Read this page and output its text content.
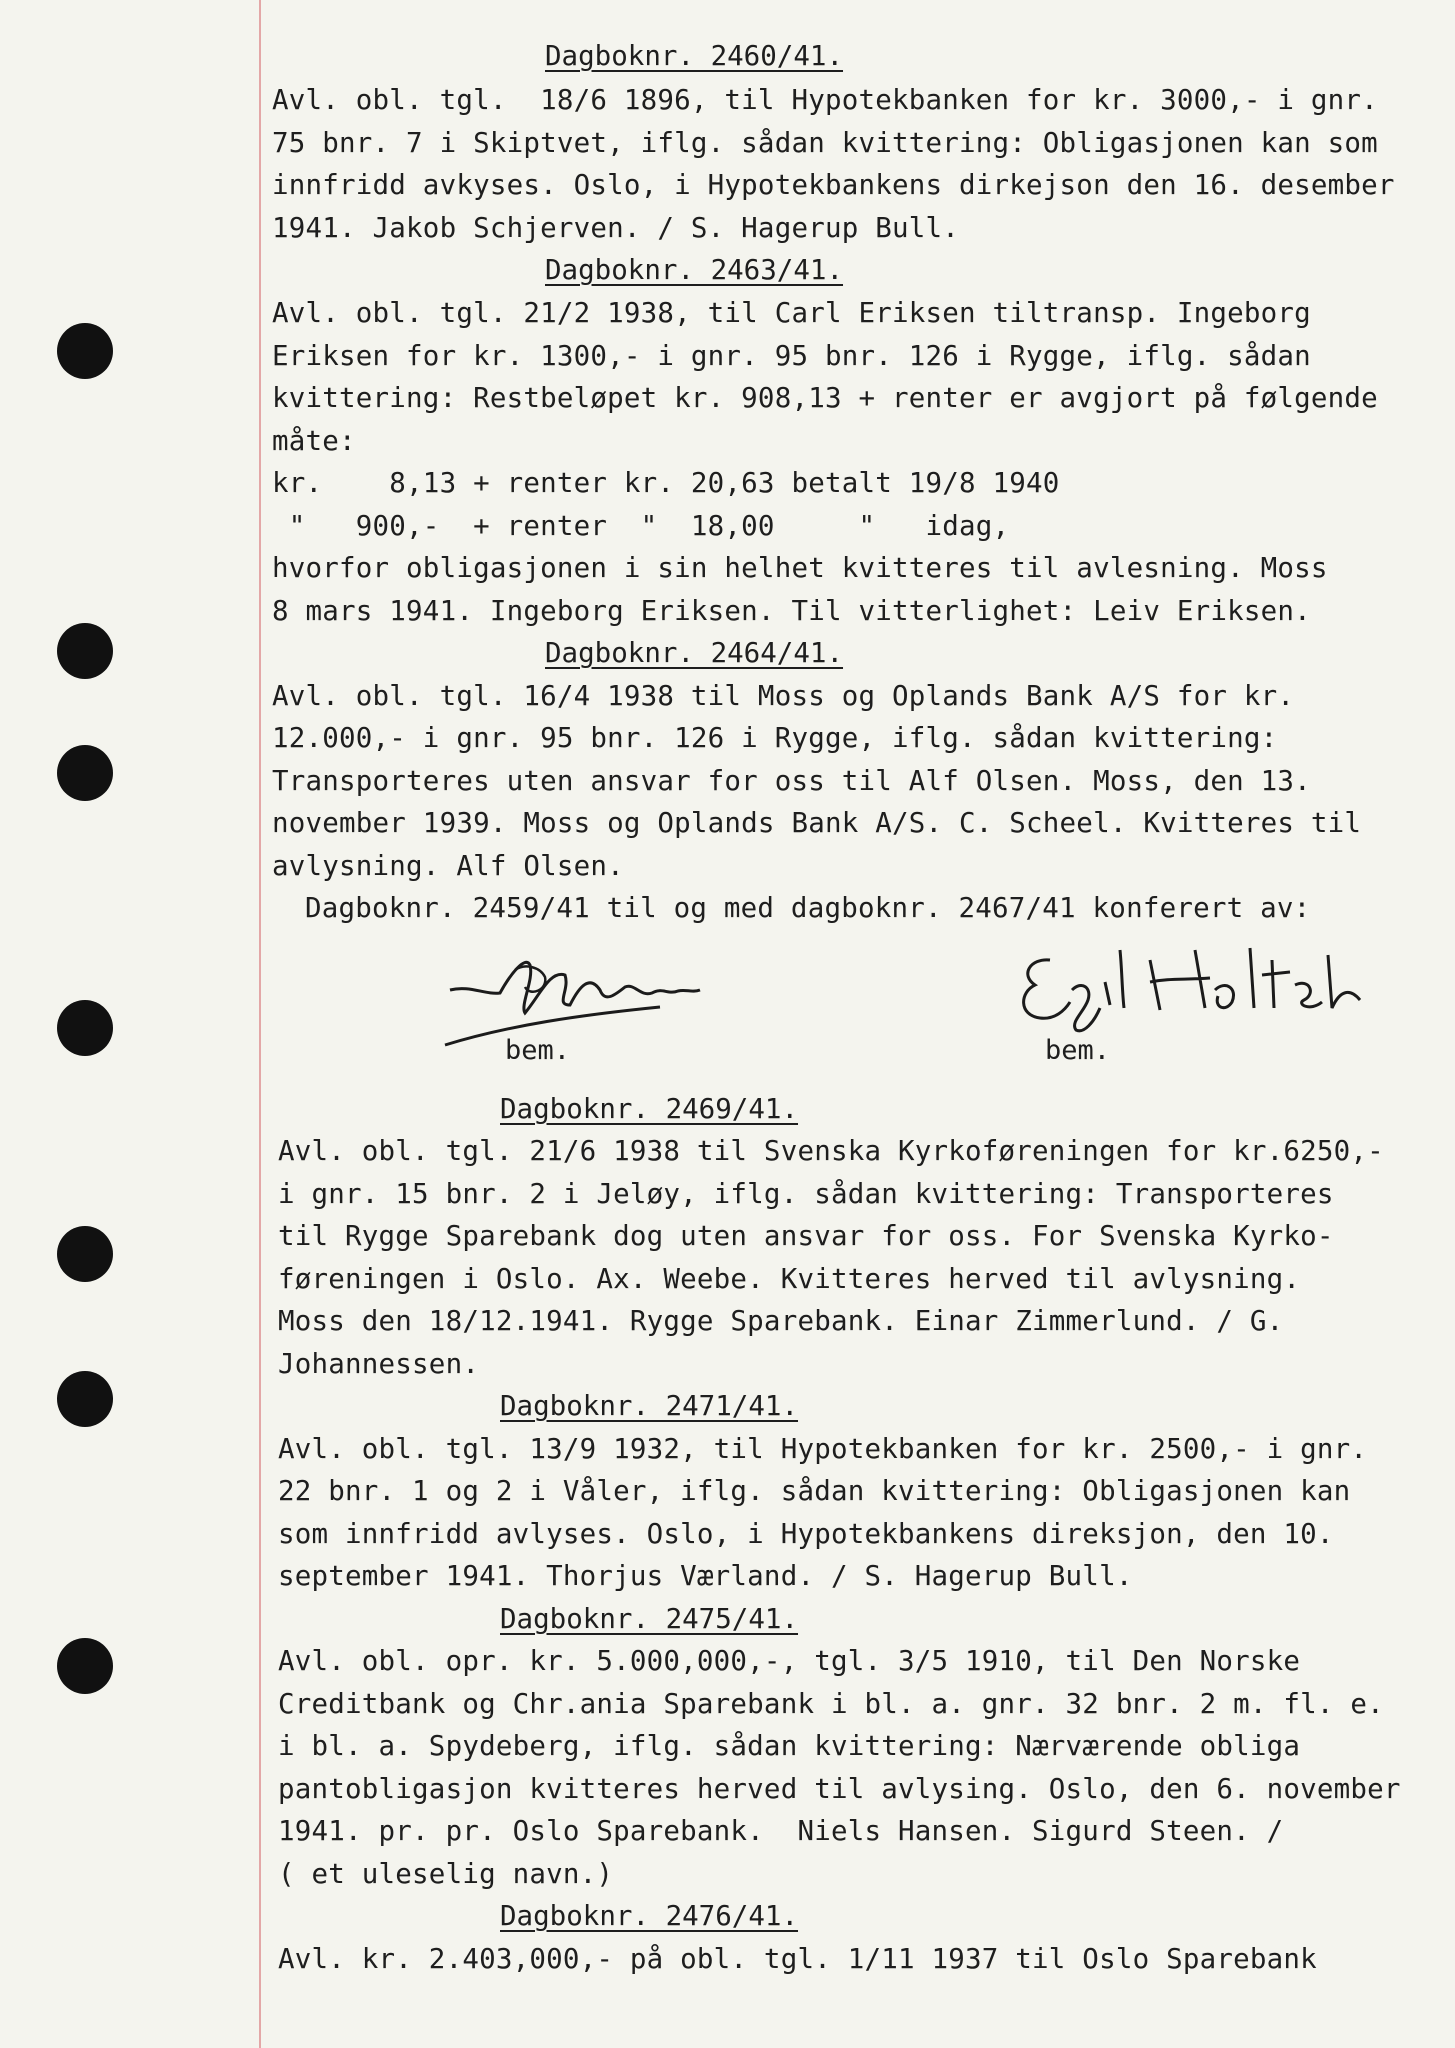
Dagboknr. 2460/41.
Avl. obl. tgl.  18/6 1896, til Hypotekbanken for kr. 3000,- i gnr.
75 bnr. 7 i Skiptvet, iflg. sådan kvittering: Obligasjonen kan som
innfridd avkyses. Oslo, i Hypotekbankens dirkejson den 16. desember
1941. Jakob Schjerven. / S. Hagerup Bull.
Dagboknr. 2463/41.
Avl. obl. tgl. 21/2 1938, til Carl Eriksen tiltransp. Ingeborg
Eriksen for kr. 1300,- i gnr. 95 bnr. 126 i Rygge, iflg. sådan
kvittering: Restbeløpet kr. 908,13 + renter er avgjort på følgende
måte:
kr.    8,13 + renter kr. 20,63 betalt 19/8 1940
"   900,-  + renter  "  18,00     "   idag,
hvorfor obligasjonen i sin helhet kvitteres til avlesning. Moss
8 mars 1941. Ingeborg Eriksen. Til vitterlighet: Leiv Eriksen.
Dagboknr. 2464/41.
Avl. obl. tgl. 16/4 1938 til Moss og Oplands Bank A/S for kr.
12.000,- i gnr. 95 bnr. 126 i Rygge, iflg. sådan kvittering:
Transporteres uten ansvar for oss til Alf Olsen. Moss, den 13.
november 1939. Moss og Oplands Bank A/S. C. Scheel. Kvitteres til
avlysning. Alf Olsen.
Dagboknr. 2459/41 til og med dagboknr. 2467/41 konferert av:
bem.	bem.
Dagboknr. 2469/41.
Avl. obl. tgl. 21/6 1938 til Svenska Kyrkoføreningen for kr.6250,-
i gnr. 15 bnr. 2 i Jeløy, iflg. sådan kvittering: Transporteres
til Rygge Sparebank dog uten ansvar for oss. For Svenska Kyrko-
føreningen i Oslo. Ax. Weebe. Kvitteres herved til avlysning.
Moss den 18/12.1941. Rygge Sparebank. Einar Zimmerlund. / G.
Johannessen.
Dagboknr. 2471/41.
Avl. obl. tgl. 13/9 1932, til Hypotekbanken for kr. 2500,- i gnr.
22 bnr. 1 og 2 i Våler, iflg. sådan kvittering: Obligasjonen kan
som innfridd avlyses. Oslo, i Hypotekbankens direksjon, den 10.
september 1941. Thorjus Værland. / S. Hagerup Bull.
Dagboknr. 2475/41.
Avl. obl. opr. kr. 5.000,000,-, tgl. 3/5 1910, til Den Norske
Creditbank og Chr.ania Sparebank i bl. a. gnr. 32 bnr. 2 m. fl. e.
i bl. a. Spydeberg, iflg. sådan kvittering: Nærværende obliga
pantobligasjon kvitteres herved til avlysing. Oslo, den 6. november
1941. pr. pr. Oslo Sparebank.  Niels Hansen. Sigurd Steen. /
( et uleselig navn.)
Dagboknr. 2476/41.
Avl. kr. 2.403,000,- på obl. tgl. 1/11 1937 til Oslo Sparebank
